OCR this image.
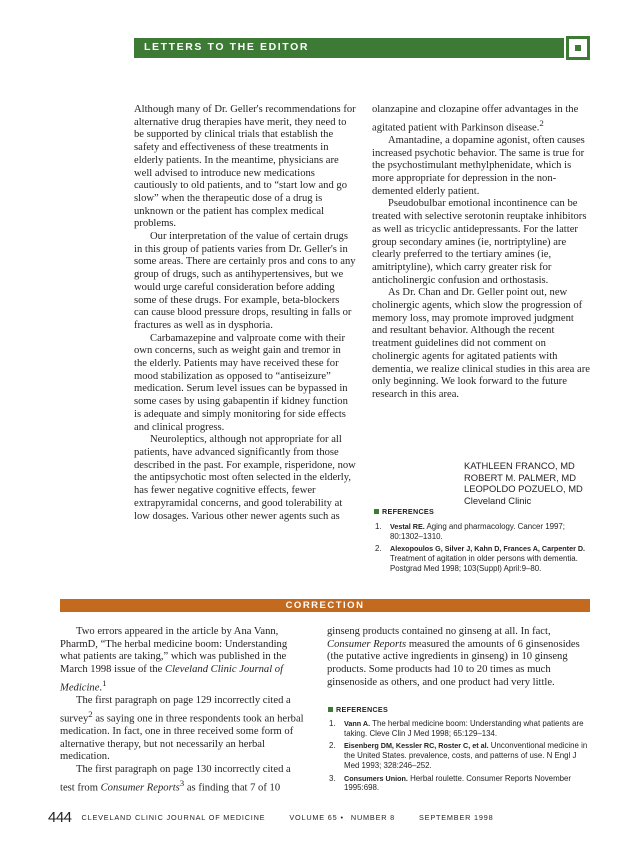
LETTERS TO THE EDITOR

Although many of Dr. Geller's recommendations for alternative drug therapies have merit, they need to be supported by clinical trials that establish the safety and effectiveness of these treatments in elderly patients. In the meantime, physicians are well advised to introduce new medications cautiously to old patients, and to “start low and go slow” when the therapeutic dose of a drug is unknown or the patient has complex medical problems.

Our interpretation of the value of certain drugs in this group of patients varies from Dr. Geller's in some areas. There are certainly pros and cons to any group of drugs, such as antihypertensives, but we would urge careful consideration before adding some of these drugs. For example, beta-blockers can cause blood pressure drops, resulting in falls or fractures as well as in dysphoria.

Carbamazepine and valproate come with their own concerns, such as weight gain and tremor in the elderly. Patients may have received these for mood stabilization as opposed to “antiseizure” medication. Serum level issues can be bypassed in some cases by using gabapentin if kidney function is adequate and simply monitoring for side effects and clinical progress.

Neuroleptics, although not appropriate for all patients, have advanced significantly from those described in the past. For example, risperidone, now the antipsychotic most often selected in the elderly, has fewer negative cognitive effects, fewer extrapyramidal concerns, and good tolerability at low dosages. Various other newer agents such as

olanzapine and clozapine offer advantages in the agitated patient with Parkinson disease.$^2$

Amantadine, a dopamine agonist, often causes increased psychotic behavior. The same is true for the psychostimulant methylphenidate, which is more appropriate for depression in the non-demented elderly patient.

Pseudobulbar emotional incontinence can be treated with selective serotonin reuptake inhibitors as well as tricyclic antidepressants. For the latter group secondary amines (ie, nortriptyline) are clearly preferred to the tertiary amines (ie, amitriptyline), which carry greater risk for anticholinergic confusion and orthostasis.

As Dr. Chan and Dr. Geller point out, new cholinergic agents, which slow the progression of memory loss, may promote improved judgment and resultant behavior. Although the recent treatment guidelines did not comment on cholinergic agents for agitated patients with dementia, we realize clinical studies in this area are only beginning. We look forward to the future research in this area.

KATHLEEN FRANCO, MD
ROBERT M. PALMER, MD
LEOPOLDO POZUELO, MD
Cleveland Clinic
REFERENCES
1. Vestal RE. Aging and pharmacology. Cancer 1997; 80:1302–1310.
2. Alexopoulos G, Silver J, Kahn D, Frances A, Carpenter D. Treatment of agitation in older persons with dementia. Postgrad Med 1998; 103(Suppl) April:9–80.
CORRECTION

Two errors appeared in the article by Ana Vann, PharmD, “The herbal medicine boom: Understanding what patients are taking,” which was published in the March 1998 issue of the Cleveland Clinic Journal of Medicine.$^1$

The first paragraph on page 129 incorrectly cited a survey$^2$ as saying one in three respondents took an herbal medication. In fact, one in three received some form of alternative therapy, but not necessarily an herbal medication.

The first paragraph on page 130 incorrectly cited a test from Consumer Reports$^3$ as finding that 7 of 10

ginseng products contained no ginseng at all. In fact, Consumer Reports measured the amounts of 6 ginsenosides (the putative active ingredients in ginseng) in 10 ginseng products. Some products had 10 to 20 times as much ginsenoside as others, and one product had very little.

REFERENCES
1. Vann A. The herbal medicine boom: Understanding what patients are taking. Cleve Clin J Med 1998; 65:129–134.
2. Eisenberg DM, Kessler RC, Roster C, et al. Unconventional medicine in the United States. prevalence, costs, and patterns of use. N Engl J Med 1993; 328:246–252.
3. Consumers Union. Herbal roulette. Consumer Reports November 1995:698.
444 CLEVELAND CLINIC JOURNAL OF MEDICINE	VOLUME 65 • NUMBER 8	SEPTEMBER 1998
